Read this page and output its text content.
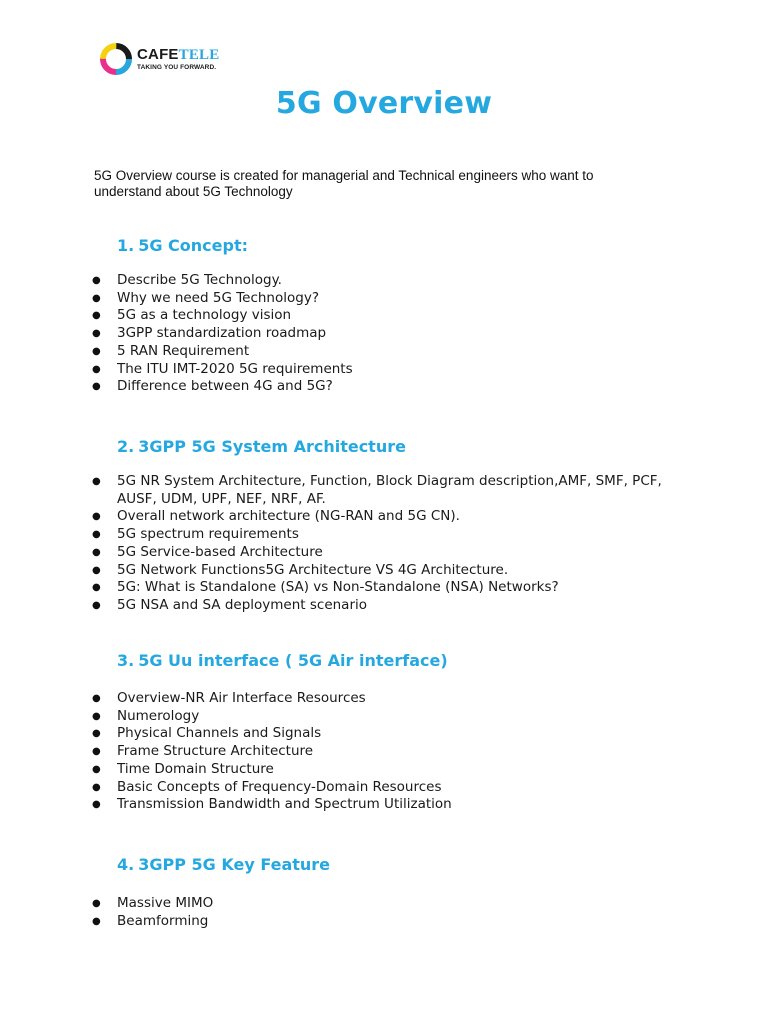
CAFETELE
TAKING YOU FORWARD.
5G Overview

5G Overview course is created for managerial and Technical engineers who want to understand about 5G Technology

1. 5G Concept:
● Describe 5G Technology.
● Why we need 5G Technology?
● 5G as a technology vision
● 3GPP standardization roadmap
● 5 RAN Requirement
● The ITU IMT-2020 5G requirements
● Difference between 4G and 5G?
2. 3GPP 5G System Architecture
● 5G NR System Architecture, Function, Block Diagram description,AMF, SMF, PCF, AUSF, UDM, UPF, NEF, NRF, AF.
● Overall network architecture (NG-RAN and 5G CN).
● 5G spectrum requirements
● 5G Service-based Architecture
● 5G Network Functions5G Architecture VS 4G Architecture.
● 5G: What is Standalone (SA) vs Non-Standalone (NSA) Networks?
● 5G NSA and SA deployment scenario
3. 5G Uu interface ( 5G Air interface)
● Overview-NR Air Interface Resources
● Numerology
● Physical Channels and Signals
● Frame Structure Architecture
● Time Domain Structure
● Basic Concepts of Frequency-Domain Resources
● Transmission Bandwidth and Spectrum Utilization
4. 3GPP 5G Key Feature
● Massive MIMO
● Beamforming
